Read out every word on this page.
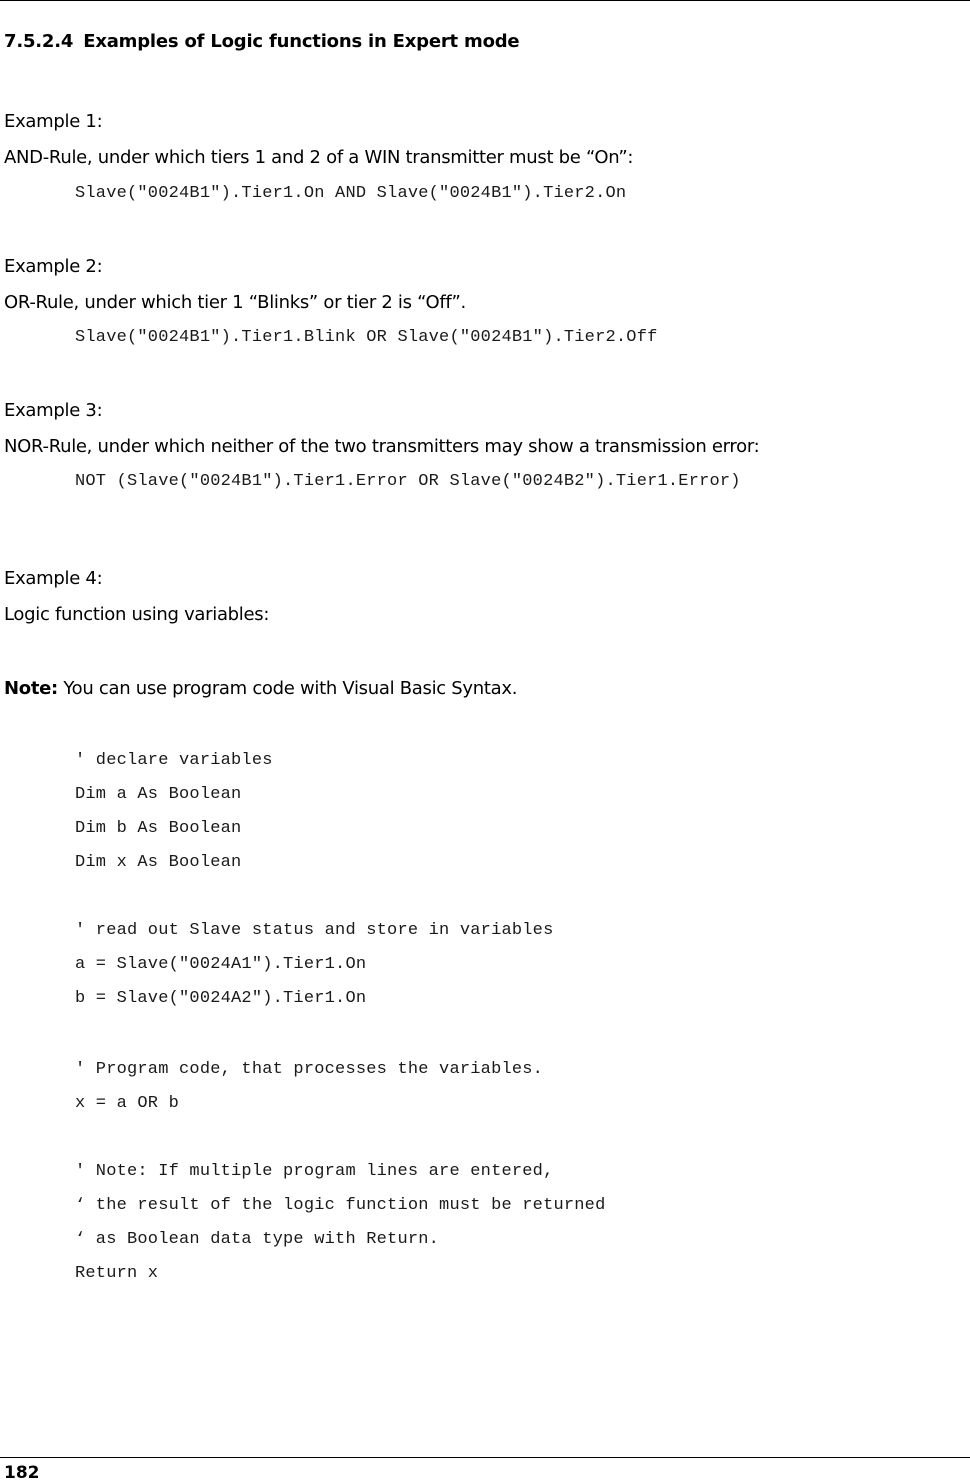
7.5.2.4 Examples of Logic functions in Expert mode
Example 1:
AND-Rule, under which tiers 1 and 2 of a WIN transmitter must be “On”:
Slave("0024B1").Tier1.On AND Slave("0024B1").Tier2.On
Example 2:
OR-Rule, under which tier 1 “Blinks” or tier 2 is “Off”.
Slave("0024B1").Tier1.Blink OR Slave("0024B1").Tier2.Off
Example 3:
NOR-Rule, under which neither of the two transmitters may show a transmission error:
NOT (Slave("0024B1").Tier1.Error OR Slave("0024B2").Tier1.Error)
Example 4:
Logic function using variables:
Note: You can use program code with Visual Basic Syntax.
' declare variables
Dim a As Boolean
Dim b As Boolean
Dim x As Boolean
' read out Slave status and store in variables
a = Slave("0024A1").Tier1.On
b = Slave("0024A2").Tier1.On
' Program code, that processes the variables.
x = a OR b
' Note: If multiple program lines are entered,
‘ the result of the logic function must be returned
‘ as Boolean data type with Return.
Return x
182
